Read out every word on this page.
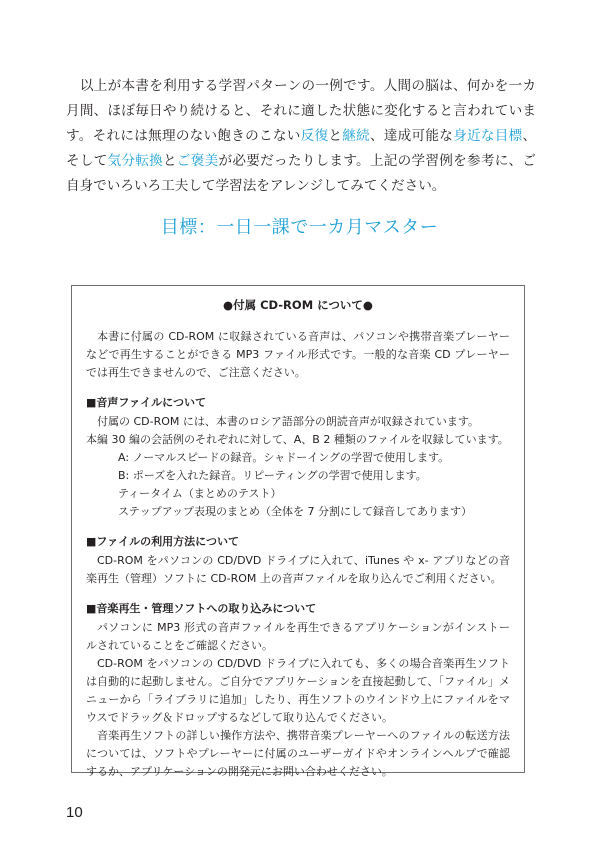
　以上が本書を利用する学習パターンの一例です。人間の脳は、何かを一カ月間、ほぼ毎日やり続けると、それに適した状態に変化すると言われています。それには無理のない飽きのこない反復と継続、達成可能な身近な目標、そして気分転換とご褒美が必要だったりします。上記の学習例を参考に、ご自身でいろいろ工夫して学習法をアレンジしてみてください。

目標：一日一課で一カ月マスター

●付属 CD-ROM について●

本書に付属の CD-ROM に収録されている音声は、パソコンや携帯音楽プレーヤーなどで再生することができる MP3 ファイル形式です。一般的な音楽 CD プレーヤーでは再生できませんので、ご注意ください。

■音声ファイルについて

付属の CD-ROM には、本書のロシア語部分の朗読音声が収録されています。

本編 30 編の会話例のそれぞれに対して、A、B 2 種類のファイルを収録しています。

A: ノーマルスピードの録音。シャドーイングの学習で使用します。

B: ポーズを入れた録音。リピーティングの学習で使用します。

ティータイム（まとめのテスト）

ステップアップ表現のまとめ（全体を 7 分割にして録音してあります）

■ファイルの利用方法について

CD-ROM をパソコンの CD/DVD ドライブに入れて、iTunes や x- アプリなどの音楽再生（管理）ソフトに CD-ROM 上の音声ファイルを取り込んでご利用ください。

■音楽再生・管理ソフトへの取り込みについて

パソコンに MP3 形式の音声ファイルを再生できるアプリケーションがインストールされていることをご確認ください。

CD-ROM をパソコンの CD/DVD ドライブに入れても、多くの場合音楽再生ソフトは自動的に起動しません。ご自分でアプリケーションを直接起動して、「ファイル」メニューから「ライブラリに追加」したり、再生ソフトのウインドウ上にファイルをマウスでドラッグ＆ドロップするなどして取り込んでください。

音楽再生ソフトの詳しい操作方法や、携帯音楽プレーヤーへのファイルの転送方法については、ソフトやプレーヤーに付属のユーザーガイドやオンラインヘルプで確認するか、アプリケーションの開発元にお問い合わせください。

10
